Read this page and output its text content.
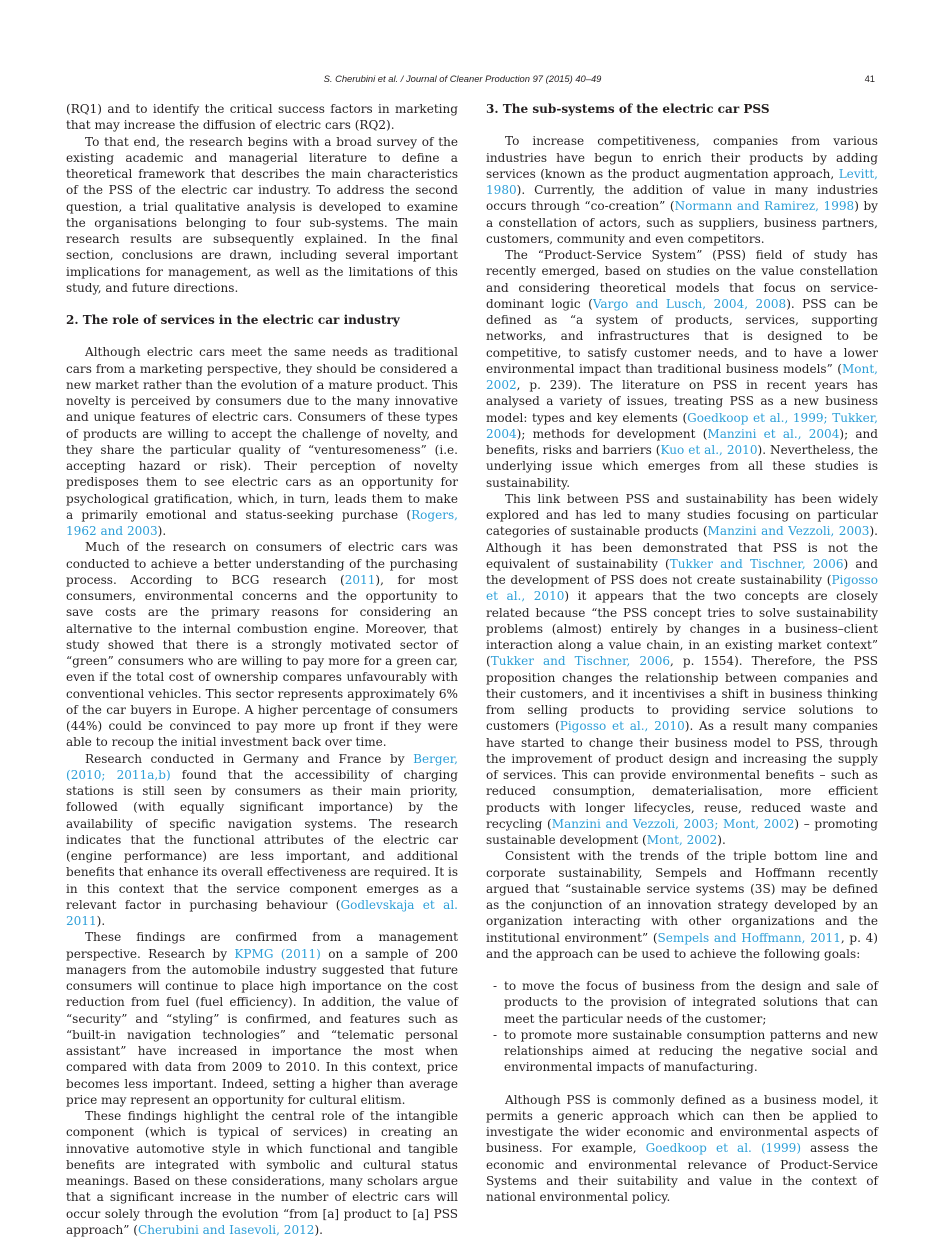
S. Cherubini et al. / Journal of Cleaner Production 97 (2015) 40–49	41

(RQ1) and to identify the critical success factors in marketing that may increase the diffusion of electric cars (RQ2).

To that end, the research begins with a broad survey of the existing academic and managerial literature to define a theoretical framework that describes the main characteristics of the PSS of the electric car industry. To address the second question, a trial qualitative analysis is developed to examine the organisations belonging to four sub-systems. The main research results are subsequently explained. In the final section, conclusions are drawn, including several important implications for management, as well as the limitations of this study, and future directions.

2. The role of services in the electric car industry

Although electric cars meet the same needs as traditional cars from a marketing perspective, they should be considered a new market rather than the evolution of a mature product. This novelty is perceived by consumers due to the many innovative and unique features of electric cars. Consumers of these types of products are willing to accept the challenge of novelty, and they share the particular quality of “venturesomeness” (i.e. accepting hazard or risk). Their perception of novelty predisposes them to see electric cars as an opportunity for psychological gratification, which, in turn, leads them to make a primarily emotional and status-seeking purchase (Rogers, 1962 and 2003).

Much of the research on consumers of electric cars was conducted to achieve a better understanding of the purchasing process. According to BCG research (2011), for most consumers, environmental concerns and the opportunity to save costs are the primary reasons for considering an alternative to the internal combustion engine. Moreover, that study showed that there is a strongly motivated sector of “green” consumers who are willing to pay more for a green car, even if the total cost of ownership compares unfavourably with conventional vehicles. This sector represents approximately 6% of the car buyers in Europe. A higher percentage of consumers (44%) could be convinced to pay more up front if they were able to recoup the initial investment back over time.

Research conducted in Germany and France by Berger, (2010; 2011a,b) found that the accessibility of charging stations is still seen by consumers as their main priority, followed (with equally significant importance) by the availability of specific navigation systems. The research indicates that the functional attributes of the electric car (engine performance) are less important, and additional benefits that enhance its overall effectiveness are required. It is in this context that the service component emerges as a relevant factor in purchasing behaviour (Godlevskaja et al. 2011).

These findings are confirmed from a management perspective. Research by KPMG (2011) on a sample of 200 managers from the automobile industry suggested that future consumers will continue to place high importance on the cost reduction from fuel (fuel efficiency). In addition, the value of “security” and “styling” is confirmed, and features such as “built-in navigation technologies” and “telematic personal assistant” have increased in importance the most when compared with data from 2009 to 2010. In this context, price becomes less important. Indeed, setting a higher than average price may represent an opportunity for cultural elitism.

These findings highlight the central role of the intangible component (which is typical of services) in creating an innovative automotive style in which functional and tangible benefits are integrated with symbolic and cultural status meanings. Based on these considerations, many scholars argue that a significant increase in the number of electric cars will occur solely through the evolution “from [a] product to [a] PSS approach” (Cherubini and Iasevoli, 2012).

3. The sub-systems of the electric car PSS

To increase competitiveness, companies from various industries have begun to enrich their products by adding services (known as the product augmentation approach, Levitt, 1980). Currently, the addition of value in many industries occurs through “co-creation” (Normann and Ramirez, 1998) by a constellation of actors, such as suppliers, business partners, customers, community and even competitors.

The “Product-Service System” (PSS) field of study has recently emerged, based on studies on the value constellation and considering theoretical models that focus on service-dominant logic (Vargo and Lusch, 2004, 2008). PSS can be defined as “a system of products, services, supporting networks, and infrastructures that is designed to be competitive, to satisfy customer needs, and to have a lower environmental impact than traditional business models” (Mont, 2002, p. 239). The literature on PSS in recent years has analysed a variety of issues, treating PSS as a new business model: types and key elements (Goedkoop et al., 1999; Tukker, 2004); methods for development (Manzini et al., 2004); and benefits, risks and barriers (Kuo et al., 2010). Nevertheless, the underlying issue which emerges from all these studies is sustainability.

This link between PSS and sustainability has been widely explored and has led to many studies focusing on particular categories of sustainable products (Manzini and Vezzoli, 2003). Although it has been demonstrated that PSS is not the equivalent of sustainability (Tukker and Tischner, 2006) and the development of PSS does not create sustainability (Pigosso et al., 2010) it appears that the two concepts are closely related because “the PSS concept tries to solve sustainability problems (almost) entirely by changes in a business–client interaction along a value chain, in an existing market context” (Tukker and Tischner, 2006, p. 1554). Therefore, the PSS proposition changes the relationship between companies and their customers, and it incentivises a shift in business thinking from selling products to providing service solutions to customers (Pigosso et al., 2010). As a result many companies have started to change their business model to PSS, through the improvement of product design and increasing the supply of services. This can provide environmental benefits – such as reduced consumption, dematerialisation, more efficient products with longer lifecycles, reuse, reduced waste and recycling (Manzini and Vezzoli, 2003; Mont, 2002) – promoting sustainable development (Mont, 2002).

Consistent with the trends of the triple bottom line and corporate sustainability, Sempels and Hoffmann recently argued that “sustainable service systems (3S) may be defined as the conjunction of an innovation strategy developed by an organization interacting with other organizations and the institutional environment” (Sempels and Hoffmann, 2011, p. 4) and the approach can be used to achieve the following goals:

- to move the focus of business from the design and sale of products to the provision of integrated solutions that can meet the particular needs of the customer;
- to promote more sustainable consumption patterns and new relationships aimed at reducing the negative social and environmental impacts of manufacturing.

Although PSS is commonly defined as a business model, it permits a generic approach which can then be applied to investigate the wider economic and environmental aspects of business. For example, Goedkoop et al. (1999) assess the economic and environmental relevance of Product-Service Systems and their suitability and value in the context of national environmental policy.
